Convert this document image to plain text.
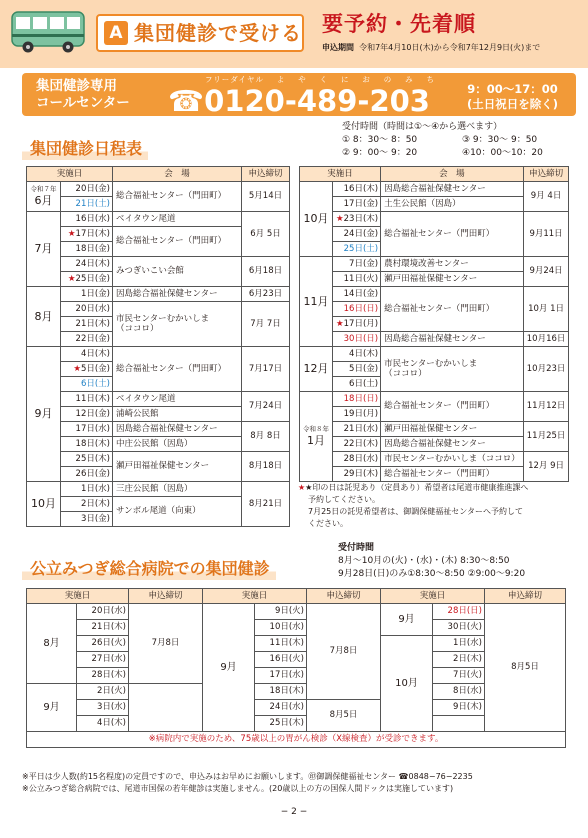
A 集団健診で受ける 要予約・先着順
申込期間 令和7年4月10日(木)から令和7年12月9日(火)まで
集団健診専用
コールセンター
フリーダイヤル よ や く に お の み ち
☎0120-489-203	9：00～17：00
(土日祝日を除く)
集団健診日程表
受付時間（時間は①～④から選べます）
① 8：30～ 8：50	③ 9：30～ 9：50
② 9：00～ 9：20	④10：00～10：20
実施日		会　場	申込締切

令和７年
6月	20日(金)	総合福祉センター（門田町）	5月14日
	21日(土)		
7月	16日(水)	ベイタウン尾道	6月 5日
	★17日(木)	総合福祉センター（門田町）	
	18日(金)		
	24日(木)	みつぎいこい会館	6月18日
	★25日(金)		
8月	1日(金)	因島総合福祉保健センター	6月23日
	20日(水)	市民センターむかいしま
（ココロ）	7月 7日
	21日(木)		
	22日(金)		
9月	4日(木)	総合福祉センター（門田町）	7月17日
	★5日(金)		
	6日(土)		
	11日(木)	ベイタウン尾道	7月24日
	12日(金)	浦崎公民館	
	17日(水)	因島総合福祉保健センター	8月 8日
	18日(木)	中庄公民館（因島）	
	25日(木)	瀬戸田福祉保健センター	8月18日
	26日(金)		
10月	1日(水)	三庄公民館（因島）	8月21日
	2日(木)	サンボル尾道（向東）	
	3日(金)		
実施日		会　場	申込締切
10月	16日(木)	因島総合福祉保健センター	9月 4日
	17日(金)	土生公民館（因島）	
	★23日(木)	総合福祉センター（門田町）	9月11日
	24日(金)		
	25日(土)		
11月	7日(金)	農村環境改善センター	9月24日
	11日(火)	瀬戸田福祉保健センター	
	14日(金)	総合福祉センター（門田町）	10月 1日
	16日(日)		
	★17日(月)		
	30日(日)	因島総合福祉保健センター	10月16日
12月	4日(木)	市民センターむかいしま
（ココロ）	10月23日
	5日(金)		
	6日(土)		

令和８年
1月	18日(日)	総合福祉センター（門田町）	11月12日
	19日(月)		
	21日(水)	瀬戸田福祉保健センター	11月25日
	22日(木)	因島総合福祉保健センター	
	28日(水)	市民センターむかいしま（ココロ）	12月 9日
	29日(木)	総合福祉センター（門田町）	
★★印の日は託児あり（定員あり）希望者は尾道市健康推進課へ
予約してください。
7月25日の託児希望者は、御調保健福祉センターへ予約して
ください。
公立みつぎ総合病院での集団健診
受付時間
8月～10月の(火)・(水)・(木) 8:30～8:50
9月28日(日)のみ①8:30～8:50 ②9:00～9:20
実施日		申込締切	実施日		申込締切	実施日		申込締切
8月	20日(水)	7月8日	9月	9日(火)	7月8日	9月	28日(日)	8月5日
	21日(木)			10日(水)			30日(火)	
	26日(火)			11日(木)		10月	1日(水)	
	27日(水)			16日(火)			2日(木)	
	28日(木)			17日(水)			7日(火)	
9月	2日(火)			18日(木)			8日(水)	
	3日(水)			24日(水)	8月5日		9日(木)	
	4日(木)			25日(木)				
※病院内で実施のため、75歳以上の胃がん検診（X線検査）が受診できます。								
※平日は少人数(約15名程度)の定員ですので、申込みはお早めにお願いします。㊞御調保健福祉センター ☎0848−76−2235
※公立みつぎ総合病院では、尾道市国保の若年健診は実施しません。(20歳以上の方の国保人間ドックは実施しています)
− 2 −
